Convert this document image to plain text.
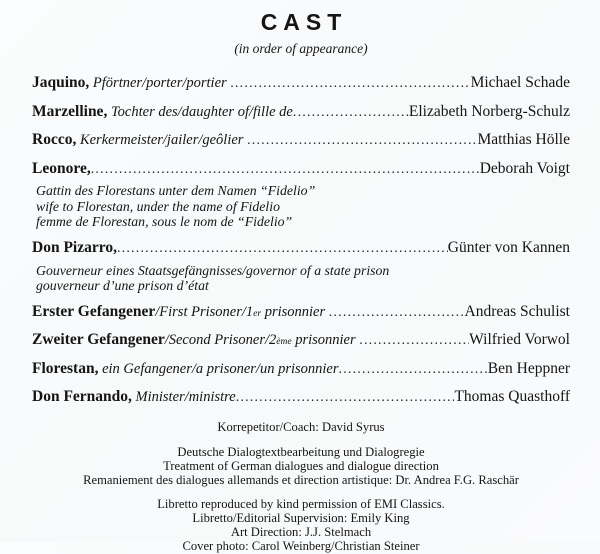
CAST
(in order of appearance)
Jaquino, Pförtner/porter/portier .....	Michael Schade
Marzelline, Tochter des/daughter of/fille de .....	Elizabeth Norberg-Schulz
Rocco, Kerkermeister/jailer/geôlier .....	Matthias Hölle
Leonore, .....	Deborah Voigt
Gattin des Florestans unter dem Namen “Fidelio”
wife to Florestan, under the name of Fidelio
femme de Florestan, sous le nom de “Fidelio”
Don Pizarro, .....	Günter von Kannen
Gouverneur eines Staatsgefängnisses/governor of a state prison
gouverneur d’une prison d’état
Erster Gefangener /First Prisoner/1 er prisonnier .....	Andreas Schulist
Zweiter Gefangener /Second Prisoner/2 ème prisonnier .....	Wilfried Vorwol
Florestan, ein Gefangener/a prisoner/un prisonnier .....	Ben Heppner
Don Fernando, Minister/ministre .....	Thomas Quasthoff
Korrepetitor/Coach: David Syrus
Deutsche Dialogtextbearbeitung und Dialogregie
Treatment of German dialogues and dialogue direction
Remaniement des dialogues allemands et direction artistique: Dr. Andrea F.G. Raschär
Libretto reproduced by kind permission of EMI Classics.
Libretto/Editorial Supervision: Emily King
Art Direction: J.J. Stelmach
Cover photo: Carol Weinberg/Christian Steiner
